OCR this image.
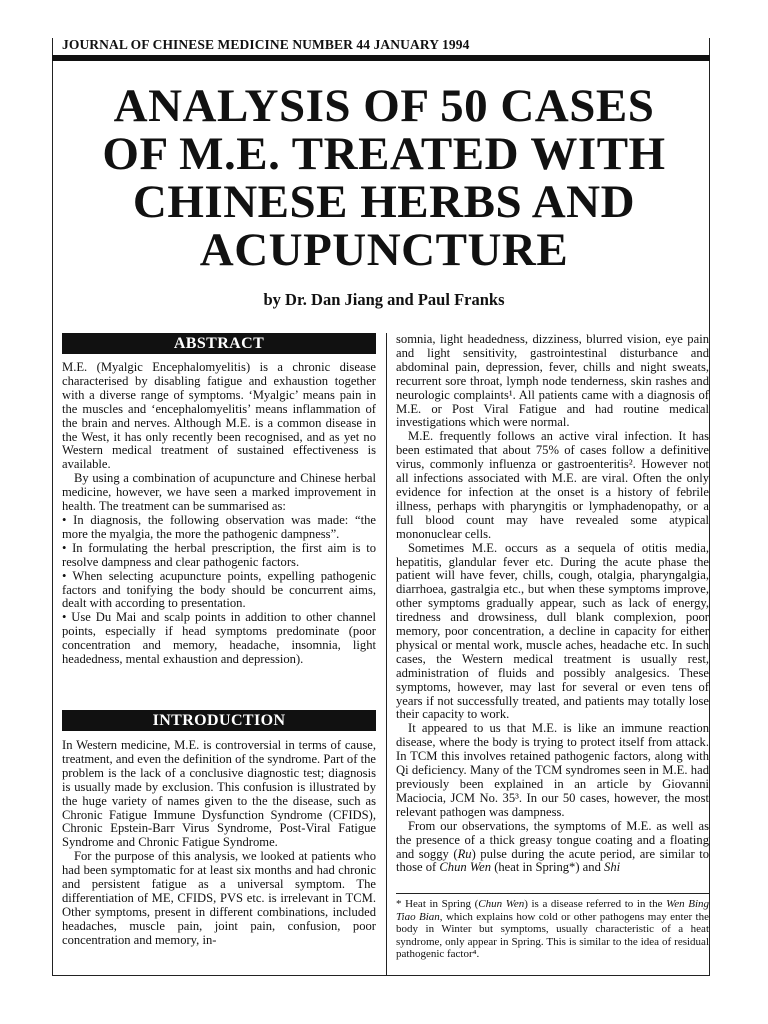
JOURNAL OF CHINESE MEDICINE NUMBER 44 JANUARY 1994
ANALYSIS OF 50 CASES
OF M.E. TREATED WITH
CHINESE HERBS AND
ACUPUNCTURE
by Dr. Dan Jiang and Paul Franks
ABSTRACT

M.E. (Myalgic Encephalomyelitis) is a chronic disease characterised by disabling fatigue and exhaustion together with a diverse range of symptoms. ‘Myalgic’ means pain in the muscles and ‘encephalomyelitis’ means inflammation of the brain and nerves. Although M.E. is a common disease in the West, it has only recently been recognised, and as yet no Western medical treatment of sustained effectiveness is available.

By using a combination of acupuncture and Chinese herbal medicine, however, we have seen a marked improvement in health. The treatment can be summarised as:

• In diagnosis, the following observation was made: “the more the myalgia, the more the pathogenic dampness”.

• In formulating the herbal prescription, the first aim is to resolve dampness and clear pathogenic factors.

• When selecting acupuncture points, expelling pathogenic factors and tonifying the body should be concurrent aims, dealt with according to presentation.

• Use Du Mai and scalp points in addition to other channel points, especially if head symptoms predominate (poor concentration and memory, headache, insomnia, light headedness, mental exhaustion and depression).

INTRODUCTION

In Western medicine, M.E. is controversial in terms of cause, treatment, and even the definition of the syndrome. Part of the problem is the lack of a conclusive diagnostic test; diagnosis is usually made by exclusion. This confusion is illustrated by the huge variety of names given to the the disease, such as Chronic Fatigue Immune Dysfunction Syndrome (CFIDS), Chronic Epstein-Barr Virus Syndrome, Post-Viral Fatigue Syndrome and Chronic Fatigue Syndrome.

For the purpose of this analysis, we looked at patients who had been symptomatic for at least six months and had chronic and persistent fatigue as a universal symptom. The differentiation of ME, CFIDS, PVS etc. is irrelevant in TCM. Other symptoms, present in different combinations, included headaches, muscle pain, joint pain, confusion, poor concentration and memory, in-

somnia, light headedness, dizziness, blurred vision, eye pain and light sensitivity, gastrointestinal disturbance and abdominal pain, depression, fever, chills and night sweats, recurrent sore throat, lymph node tenderness, skin rashes and neurologic complaints¹. All patients came with a diagnosis of M.E. or Post Viral Fatigue and had routine medical investigations which were normal.

M.E. frequently follows an active viral infection. It has been estimated that about 75% of cases follow a definitive virus, commonly influenza or gastroenteritis². However not all infections associated with M.E. are viral. Often the only evidence for infection at the onset is a history of febrile illness, perhaps with pharyngitis or lymphadenopathy, or a full blood count may have revealed some atypical mononuclear cells.

Sometimes M.E. occurs as a sequela of otitis media, hepatitis, glandular fever etc. During the acute phase the patient will have fever, chills, cough, otalgia, pharyngalgia, diarrhoea, gastralgia etc., but when these symptoms improve, other symptoms gradually appear, such as lack of energy, tiredness and drowsiness, dull blank complexion, poor memory, poor concentration, a decline in capacity for either physical or mental work, muscle aches, headache etc. In such cases, the Western medical treatment is usually rest, administration of fluids and possibly analgesics. These symptoms, however, may last for several or even tens of years if not successfully treated, and patients may totally lose their capacity to work.

It appeared to us that M.E. is like an immune reaction disease, where the body is trying to protect itself from attack. In TCM this involves retained pathogenic factors, along with Qi deficiency. Many of the TCM syndromes seen in M.E. had previously been explained in an article by Giovanni Maciocia, JCM No. 35³. In our 50 cases, however, the most relevant pathogen was dampness.

From our observations, the symptoms of M.E. as well as the presence of a thick greasy tongue coating and a floating and soggy (Ru) pulse during the acute period, are similar to those of Chun Wen (heat in Spring*) and Shi

* Heat in Spring (Chun Wen) is a disease referred to in the Wen Bing Tiao Bian, which explains how cold or other pathogens may enter the body in Winter but symptoms, usually characteristic of a heat syndrome, only appear in Spring. This is similar to the idea of residual pathogenic factor⁴.
